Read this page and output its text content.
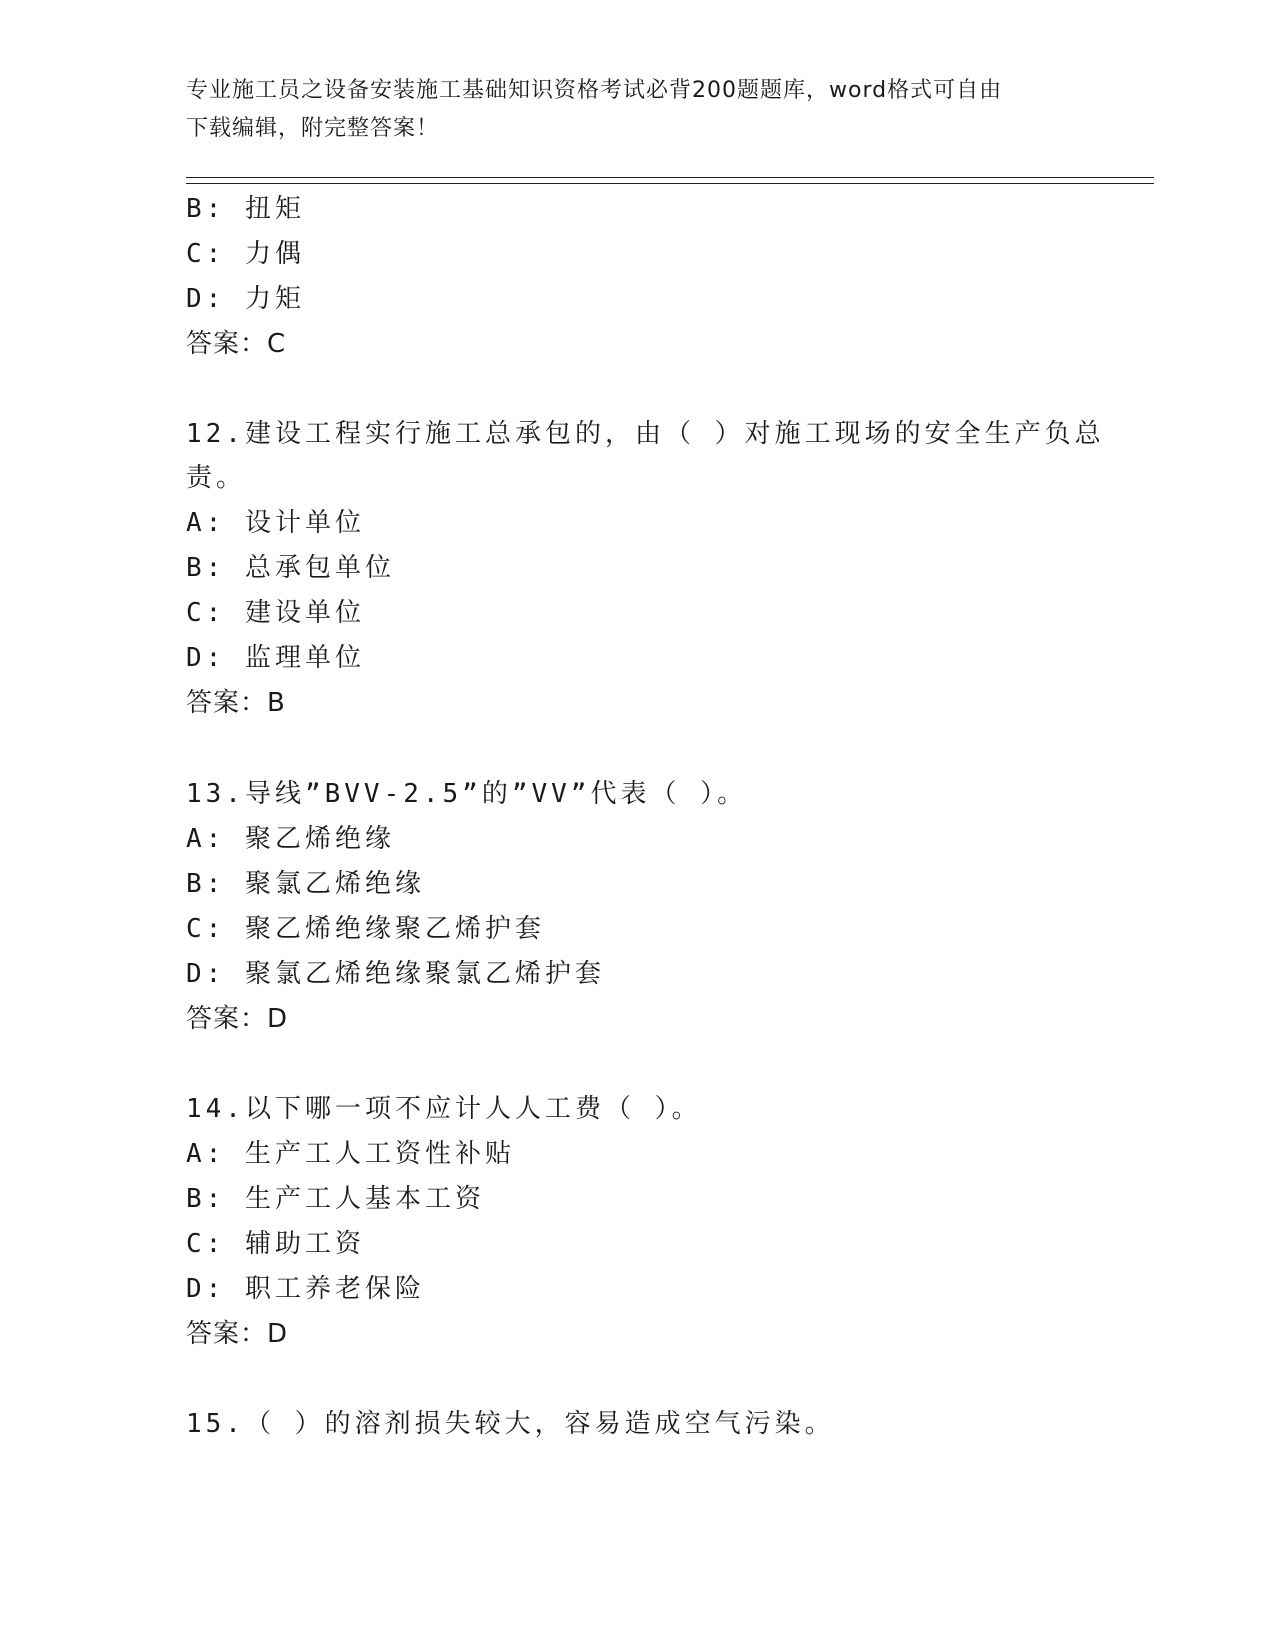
专业施工员之设备安装施工基础知识资格考试必背200题题库，word格式可自由
下载编辑，附完整答案！
B: 扭矩
C: 力偶
D: 力矩
答案：C
12.建设工程实行施工总承包的，由（ ）对施工现场的安全生产负总
责。
A: 设计单位
B: 总承包单位
C: 建设单位
D: 监理单位
答案：B
13.导线”BVV-2.5”的”VV”代表（ ）。
A: 聚乙烯绝缘
B: 聚氯乙烯绝缘
C: 聚乙烯绝缘聚乙烯护套
D: 聚氯乙烯绝缘聚氯乙烯护套
答案：D
14.以下哪一项不应计人人工费（ ）。
A: 生产工人工资性补贴
B: 生产工人基本工资
C: 辅助工资
D: 职工养老保险
答案：D
15.（ ）的溶剂损失较大，容易造成空气污染。
